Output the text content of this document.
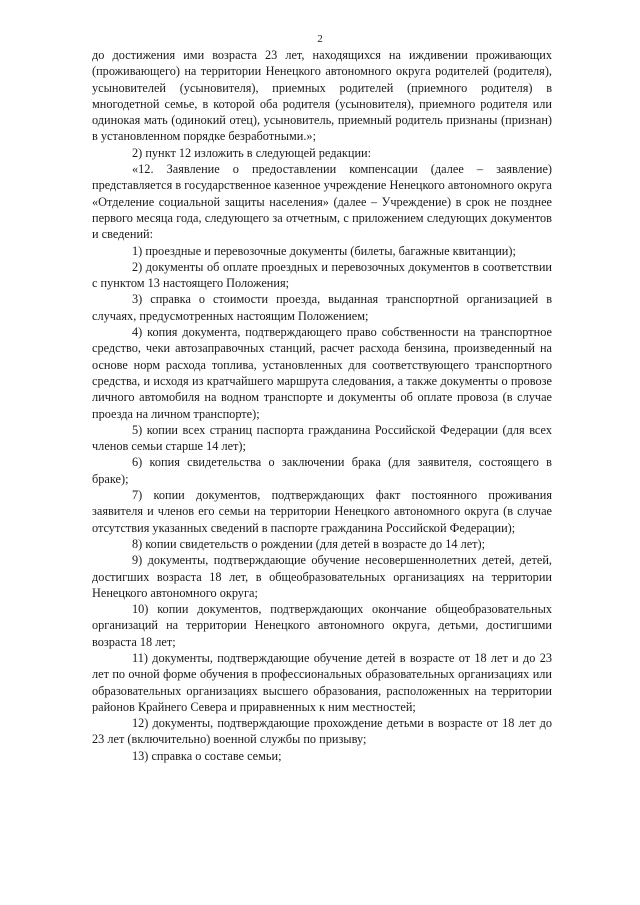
2

до достижения ими возраста 23 лет, находящихся на иждивении проживающих (проживающего) на территории Ненецкого автономного округа родителей (родителя), усыновителей (усыновителя), приемных родителей (приемного родителя) в многодетной семье, в которой оба родителя (усыновителя), приемного родителя или одинокая мать (одинокий отец), усыновитель, приемный родитель признаны (признан) в установленном порядке безработными.»;

2) пункт 12 изложить в следующей редакции:

«12. Заявление о предоставлении компенсации (далее – заявление) представляется в государственное казенное учреждение Ненецкого автономного округа «Отделение социальной защиты населения» (далее – Учреждение) в срок не позднее первого месяца года, следующего за отчетным, с приложением следующих документов и сведений:

1) проездные и перевозочные документы (билеты, багажные квитанции);

2) документы об оплате проездных и перевозочных документов в соответствии с пунктом 13 настоящего Положения;

3) справка о стоимости проезда, выданная транспортной организацией в случаях, предусмотренных настоящим Положением;

4) копия документа, подтверждающего право собственности на транспортное средство, чеки автозаправочных станций, расчет расхода бензина, произведенный на основе норм расхода топлива, установленных для соответствующего транспортного средства, и исходя из кратчайшего маршрута следования, а также документы о провозе личного автомобиля на водном транспорте и документы об оплате провоза (в случае проезда на личном транспорте);

5) копии всех страниц паспорта гражданина Российской Федерации (для всех членов семьи старше 14 лет);

6) копия свидетельства о заключении брака (для заявителя, состоящего в браке);

7) копии документов, подтверждающих факт постоянного проживания заявителя и членов его семьи на территории Ненецкого автономного округа (в случае отсутствия указанных сведений в паспорте гражданина Российской Федерации);

8) копии свидетельств о рождении (для детей в возрасте до 14 лет);

9) документы, подтверждающие обучение несовершеннолетних детей, детей, достигших возраста 18 лет, в общеобразовательных организациях на территории Ненецкого автономного округа;

10) копии документов, подтверждающих окончание общеобразовательных организаций на территории Ненецкого автономного округа, детьми, достигшими возраста 18 лет;

11) документы, подтверждающие обучение детей в возрасте от 18 лет и до 23 лет по очной форме обучения в профессиональных образовательных организациях или образовательных организациях высшего образования, расположенных на территории районов Крайнего Севера и приравненных к ним местностей;

12) документы, подтверждающие прохождение детьми в возрасте от 18 лет до 23 лет (включительно) военной службы по призыву;

13) справка о составе семьи;
